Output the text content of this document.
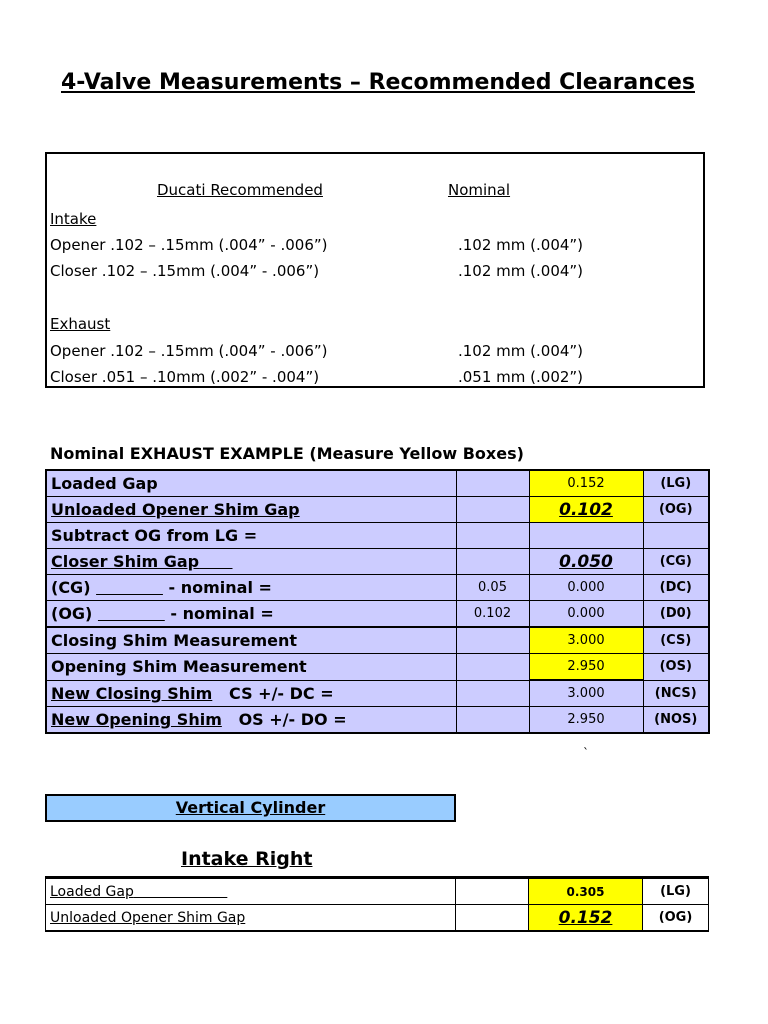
4-Valve Measurements – Recommended Clearances
Ducati Recommended	Nominal
Intake
Opener .102 – .15mm (.004” - .006”)	.102 mm (.004”)
Closer .102 – .15mm (.004” - .006”)	.102 mm (.004”)
Exhaust
Opener .102 – .15mm (.004” - .006”)	.102 mm (.004”)
Closer .051 – .10mm (.002” - .004”)	.051 mm (.002”)
Nominal EXHAUST EXAMPLE (Measure Yellow Boxes)
Loaded Gap		0.152	(LG)
Unloaded Opener Shim Gap		0.102	(OG)
Subtract OG from LG =			
Closer Shim Gap		0.050	(CG)
(CG) - nominal =	0.05	0.000	(DC)
(OG) - nominal =	0.102	0.000	(D0)
Closing Shim Measurement		3.000	(CS)
Opening Shim Measurement		2.950	(OS)
New Closing Shim CS +/- DC =		3.000	(NCS)
New Opening Shim OS +/- DO =		2.950	(NOS)
`
Vertical Cylinder
Intake Right
Loaded Gap		0.305	(LG)
Unloaded Opener Shim Gap		0.152	(OG)
